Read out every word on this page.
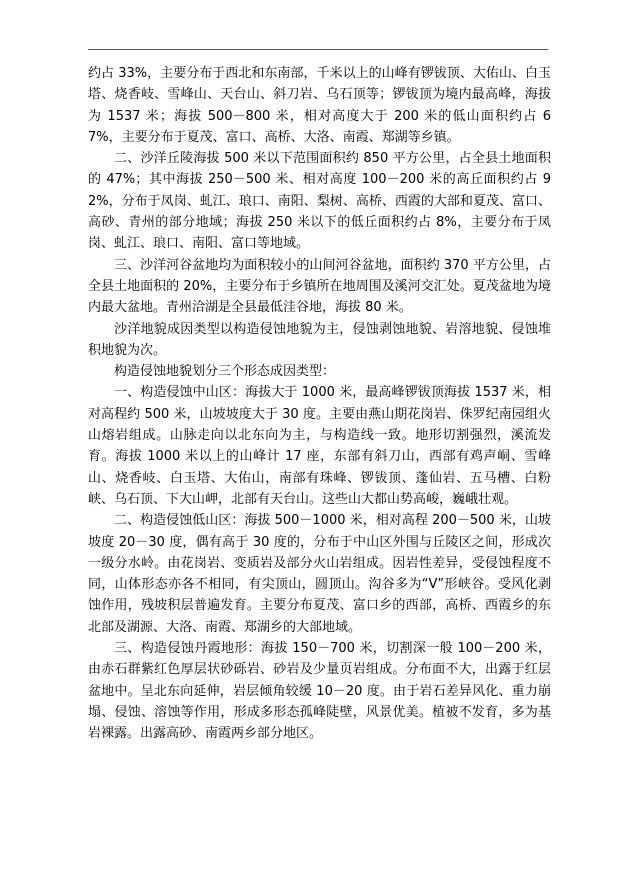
约占 33%，主要分布于西北和东南部，千米以上的山峰有锣钹顶、大佑山、白玉塔、烧香岐、雪峰山、天台山、斜刀岩、乌石顶等；锣钹顶为境内最高峰，海拔为 1537 米；海拔 500－800 米，相对高度大于 200 米的低山面积约占 67%，主要分布于夏茂、富口、高桥、大洛、南霞、郑湖等乡镇。

二、沙洋丘陵海拔 500 米以下范围面积约 850 平方公里，占全县土地面积的 47%；其中海拔 250－500 米、相对高度 100－200 米的高丘面积约占 92%，分布于凤岗、虬江、琅口、南阳、梨树、高桥、西霞的大部和夏茂、富口、高砂、青州的部分地域；海拔 250 米以下的低丘面积约占 8%，主要分布于凤岗、虬江、琅口、南阳、富口等地域。

三、沙洋河谷盆地均为面积较小的山间河谷盆地，面积约 370 平方公里，占全县土地面积的 20%，主要分布于乡镇所在地周围及溪河交汇处。夏茂盆地为境内最大盆地。青州洽湖是全县最低洼谷地，海拔 80 米。

沙洋地貌成因类型以构造侵蚀地貌为主，侵蚀剥蚀地貌、岩溶地貌、侵蚀堆积地貌为次。

构造侵蚀地貌划分三个形态成因类型：

一、构造侵蚀中山区：海拔大于 1000 米，最高峰锣钹顶海拔 1537 米，相对高程约 500 米，山坡坡度大于 30 度。主要由燕山期花岗岩、侏罗纪南园组火山熔岩组成。山脉走向以北东向为主，与构造线一致。地形切割强烈，溪流发育。海拔 1000 米以上的山峰计 17 座，东部有斜刀山，西部有鸡声峒、雪峰山、烧香岐、白玉塔、大佑山，南部有珠峰、锣钹顶、蓬仙岩、五马槽、白粉峡、乌石顶、下大山岬，北部有天台山。这些山大都山势高峻，巍峨壮观。

二、构造侵蚀低山区：海拔 500－1000 米，相对高程 200－500 米，山坡坡度 20－30 度，偶有高于 30 度的，分布于中山区外围与丘陵区之间，形成次一级分水岭。由花岗岩、变质岩及部分火山岩组成。因岩性差异，受侵蚀程度不同，山体形态亦各不相同，有尖顶山，圆顶山。沟谷多为“V”形峡谷。受风化剥蚀作用，残坡积层普遍发育。主要分布夏茂、富口乡的西部，高桥、西霞乡的东北部及湖源、大洛、南霞、郑湖乡的大部地域。

三、构造侵蚀丹霞地形：海拔 150－700 米，切割深一般 100－200 米，由赤石群紫红色厚层状砂砾岩、砂岩及少量页岩组成。分布面不大，出露于红层盆地中。呈北东向延伸，岩层倾角较缓 10－20 度。由于岩石差异风化、重力崩塌、侵蚀、溶蚀等作用，形成多形态孤峰陡壁，风景优美。植被不发育，多为基岩裸露。出露高砂、南霞两乡部分地区。
